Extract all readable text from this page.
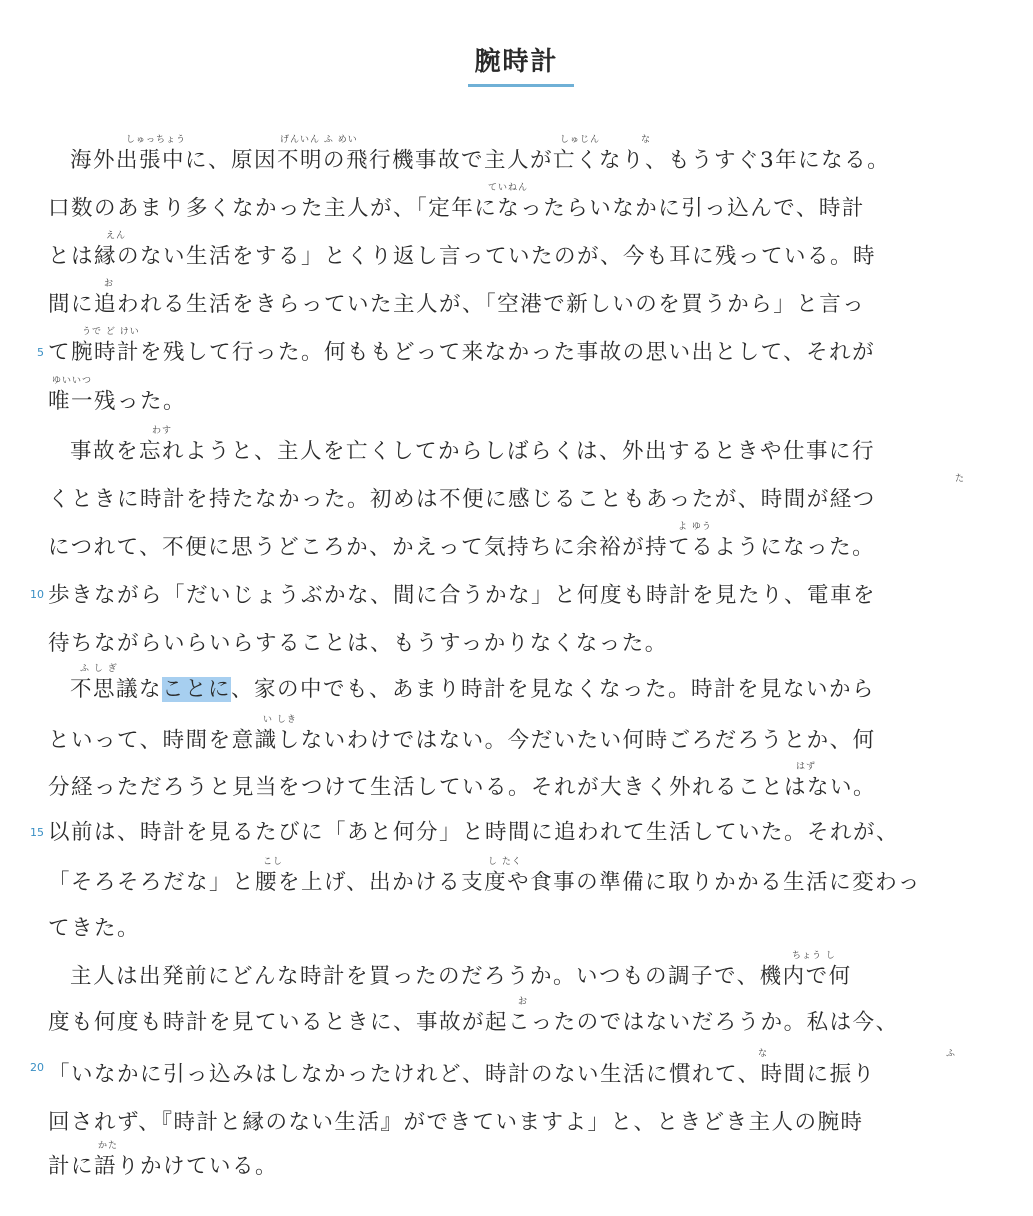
腕時計
海外出張中に、原因不明の飛行機事故で主人が亡くなり、もうすぐ3年になる。
口数のあまり多くなかった主人が、「定年になったらいなかに引っ込んで、時計
とは縁のない生活をする」とくり返し言っていたのが、今も耳に残っている。時
間に追われる生活をきらっていた主人が、「空港で新しいのを買うから」と言っ
て腕時計を残して行った。何ももどって来なかった事故の思い出として、それが
唯一残った。
事故を忘れようと、主人を亡くしてからしばらくは、外出するときや仕事に行
くときに時計を持たなかった。初めは不便に感じることもあったが、時間が経つ
につれて、不便に思うどころか、かえって気持ちに余裕が持てるようになった。
歩きながら「だいじょうぶかな、間に合うかな」と何度も時計を見たり、電車を
待ちながらいらいらすることは、もうすっかりなくなった。
不思議なことに、家の中でも、あまり時計を見なくなった。時計を見ないから
といって、時間を意識しないわけではない。今だいたい何時ごろだろうとか、何
分経っただろうと見当をつけて生活している。それが大きく外れることはない。
以前は、時計を見るたびに「あと何分」と時間に追われて生活していた。それが、
「そろそろだな」と腰を上げ、出かける支度や食事の準備に取りかかる生活に変わっ
てきた。
主人は出発前にどんな時計を買ったのだろうか。いつもの調子で、機内で何
度も何度も時計を見ているときに、事故が起こったのではないだろうか。私は今、
「いなかに引っ込みはしなかったけれど、時計のない生活に慣れて、時間に振り
回されず、『時計と縁のない生活』ができていますよ」と、ときどき主人の腕時
計に語りかけている。
5
10
15
20
しゅっちょう	げんいん ふ めい	しゅじん	な
ていねん
えん
お
うで ど けい
ゆいいつ
わす
た
よ ゆう
ふ し ぎ
い しき
はず
こし	し たく
ちょう し
お
な	ふ
かた
